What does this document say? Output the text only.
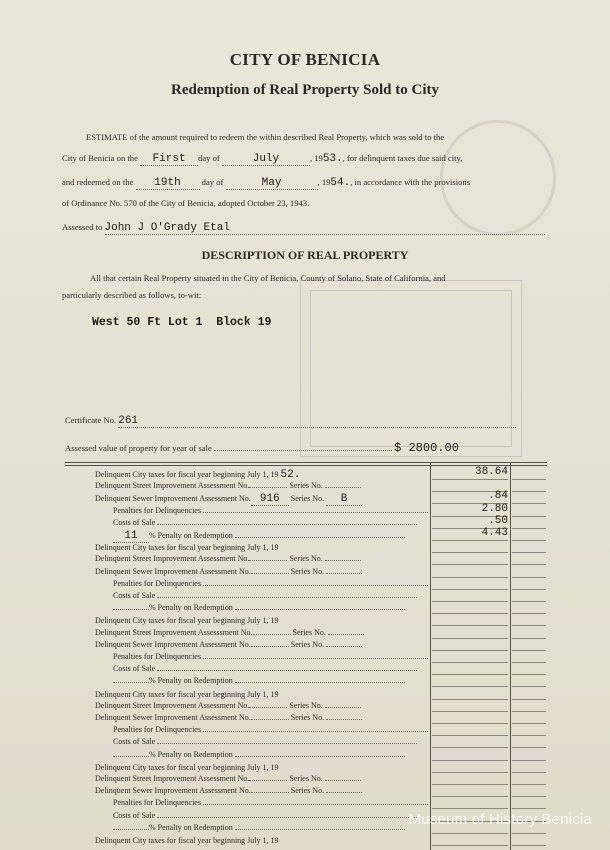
CITY OF BENICIA
Redemption of Real Property Sold to City
ESTIMATE of the amount required to redeem the within described Real Property, which was sold to the
City of Benicia on the First day of	July	, 1953., for delinquent taxes due said city,
and redeemed on the 19th day of	May	, 1954., in accordance with the provisions
of Ordinance No. 570 of the City of Benicia, adopted October 23, 1943.
Assessed to John J O'Grady Etal
DESCRIPTION OF REAL PROPERTY
All that certain Real Property situated in the City of Benicia, County of Solano, State of California, and
particularly described as follows, to-wit:
West 50 Ft Lot 1  Block 19
Certificate No. 261
Assessed value of property for year of sale	$ 2800.00
Delinquent City taxes for fiscal year beginning July 1, 19 52.	38.64
Delinquent Street Improvement Assessment No.	Series No.
Delinquent Sewer Improvement Assessment No. 916 Series No. B	.84
Penalties for Delinquencies	2.80
Costs of Sale	.50
11 % Penalty on Redemption	4.43
Delinquent City taxes for fiscal year beginning July 1, 19
Delinquent Street Improvement Assessment No.	Series No.
Delinquent Sewer Improvement Assessment No.	Series No.
Penalties for Delinquencies
Costs of Sale
% Penalty on Redemption
Delinquent City taxes for fiscal year beginning July 1, 19
Delinquent Street Improvement Assesssment No.	Series No.
Delinquent Sewer Improvement Assessment No.	Series No.
Penalties for Delinquencies
Costs of Sale
% Penalty on Redemption
Delinquent City taxes for fiscal year beginning July 1, 19
Delinquent Street Improvement Assessment No.	Series No.
Delinquent Sewer Improvement Assessment No.	Series No.
Penalties for Delinquencies
Costs of Sale
% Penalty on Redemption
Delinquent City taxes for fiscal year beginning July 1, 19
Delinquent Street Improvement Assessment No.	Series No.
Delinquent Sewer Improvement Assessment No.	Series No.
Penalties for Delinquencies
Costs of Sale
% Penalty on Redemption
Delinquent City taxes for fiscal year beginning July 1, 19
Museum of History Benicia
